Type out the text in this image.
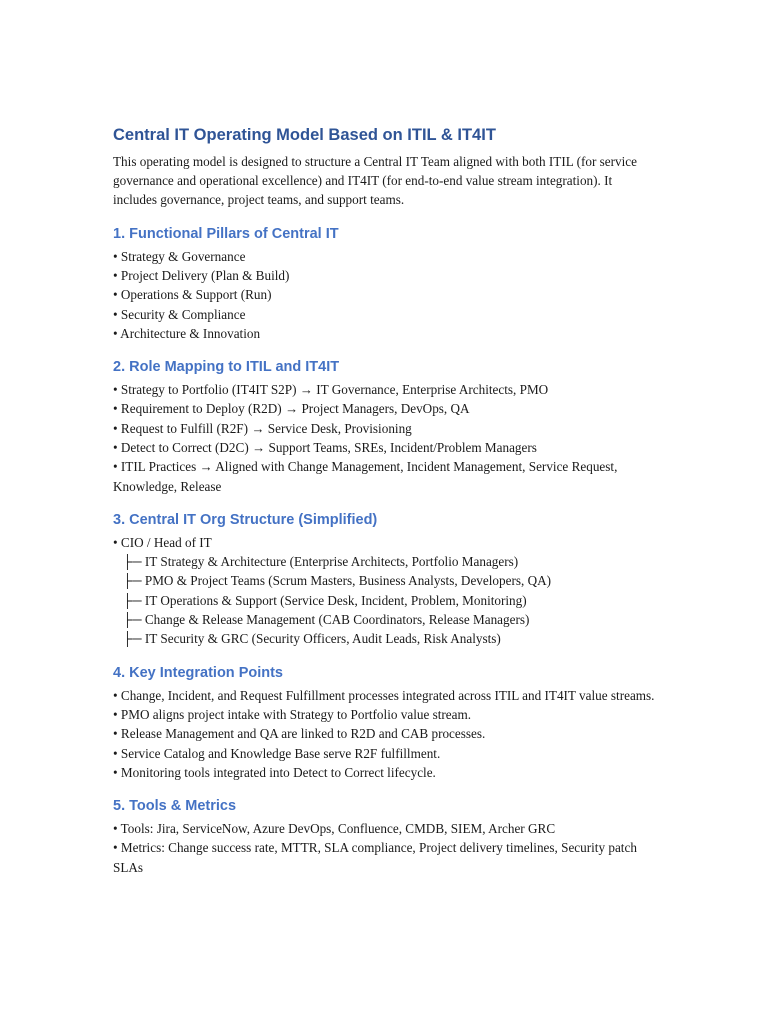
Central IT Operating Model Based on ITIL & IT4IT

This operating model is designed to structure a Central IT Team aligned with both ITIL (for service governance and operational excellence) and IT4IT (for end-to-end value stream integration). It includes governance, project teams, and support teams.

1. Functional Pillars of Central IT
• Strategy & Governance
• Project Delivery (Plan & Build)
• Operations & Support (Run)
• Security & Compliance
• Architecture & Innovation
2. Role Mapping to ITIL and IT4IT
• Strategy to Portfolio (IT4IT S2P) → IT Governance, Enterprise Architects, PMO
• Requirement to Deploy (R2D) → Project Managers, DevOps, QA
• Request to Fulfill (R2F) → Service Desk, Provisioning
• Detect to Correct (D2C) → Support Teams, SREs, Incident/Problem Managers
• ITIL Practices → Aligned with Change Management, Incident Management, Service Request, Knowledge, Release
3. Central IT Org Structure (Simplified)
• CIO / Head of IT
├─ IT Strategy & Architecture (Enterprise Architects, Portfolio Managers)
├─ PMO & Project Teams (Scrum Masters, Business Analysts, Developers, QA)
├─ IT Operations & Support (Service Desk, Incident, Problem, Monitoring)
├─ Change & Release Management (CAB Coordinators, Release Managers)
├─ IT Security & GRC (Security Officers, Audit Leads, Risk Analysts)
4. Key Integration Points
• Change, Incident, and Request Fulfillment processes integrated across ITIL and IT4IT value streams.
• PMO aligns project intake with Strategy to Portfolio value stream.
• Release Management and QA are linked to R2D and CAB processes.
• Service Catalog and Knowledge Base serve R2F fulfillment.
• Monitoring tools integrated into Detect to Correct lifecycle.
5. Tools & Metrics
• Tools: Jira, ServiceNow, Azure DevOps, Confluence, CMDB, SIEM, Archer GRC
• Metrics: Change success rate, MTTR, SLA compliance, Project delivery timelines, Security patch SLAs
